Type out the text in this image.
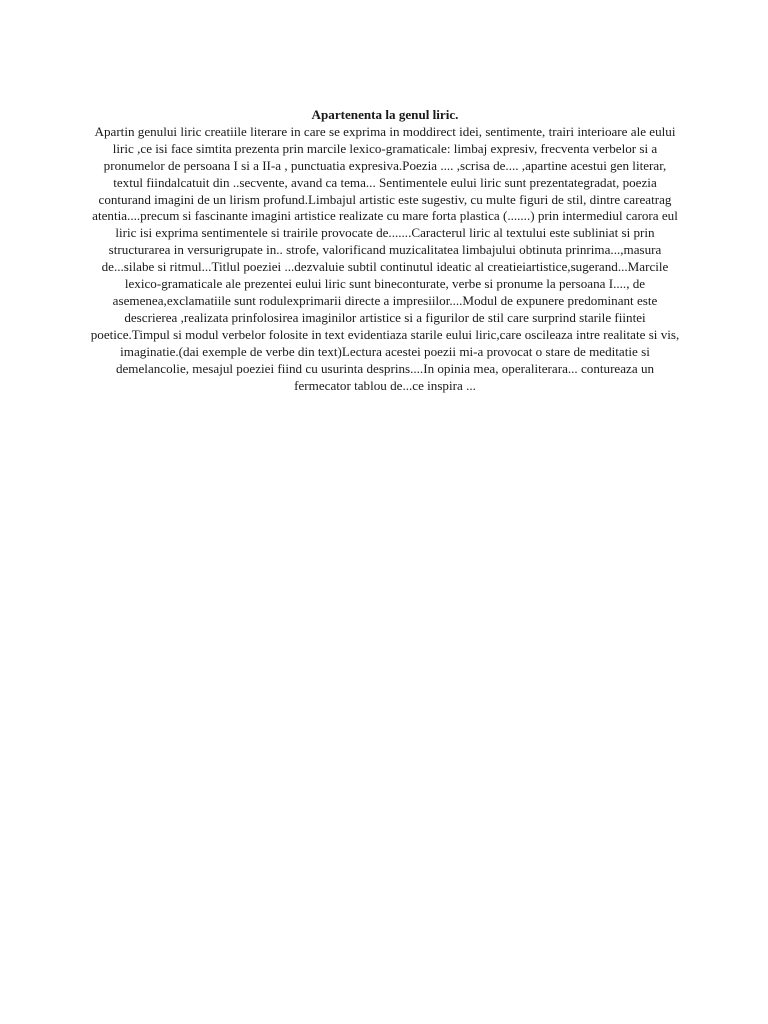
Apartenenta la genul liric.

Apartin genului liric creatiile literare in care se exprima in moddirect idei, sentimente, trairi interioare ale eului liric ,ce isi face simtita prezenta prin marcile lexico-gramaticale: limbaj expresiv, frecventa verbelor si a pronumelor de persoana I si a II-a , punctuatia expresiva.Poezia .... ,scrisa de.... ,apartine acestui gen literar, textul fiindalcatuit din ..secvente, avand ca tema... Sentimentele eului liric sunt prezentategradat, poezia conturand imagini de un lirism profund.Limbajul artistic este sugestiv, cu multe figuri de stil, dintre careatrag atentia....precum si fascinante imagini artistice realizate cu mare forta plastica (.......) prin intermediul carora eul liric isi exprima sentimentele si trairile provocate de.......Caracterul liric al textului este subliniat si prin structurarea in versurigrupate in.. strofe, valorificand muzicalitatea limbajului obtinuta prinrima...,masura de...silabe si ritmul...Titlul poeziei ...dezvaluie subtil continutul ideatic al creatieiartistice,sugerand...Marcile lexico-gramaticale ale prezentei eului liric sunt bineconturate, verbe si pronume la persoana I...., de asemenea,exclamatiile sunt rodulexprimarii directe a impresiilor....Modul de expunere predominant este descrierea ,realizata prinfolosirea imaginilor artistice si a figurilor de stil care surprind starile fiintei poetice.Timpul si modul verbelor folosite in text evidentiaza starile eului liric,care oscileaza intre realitate si vis, imaginatie.(dai exemple de verbe din text)Lectura acestei poezii mi-a provocat o stare de meditatie si demelancolie, mesajul poeziei fiind cu usurinta desprins....In opinia mea, operaliterara... contureaza un fermecator tablou de...ce inspira ...
